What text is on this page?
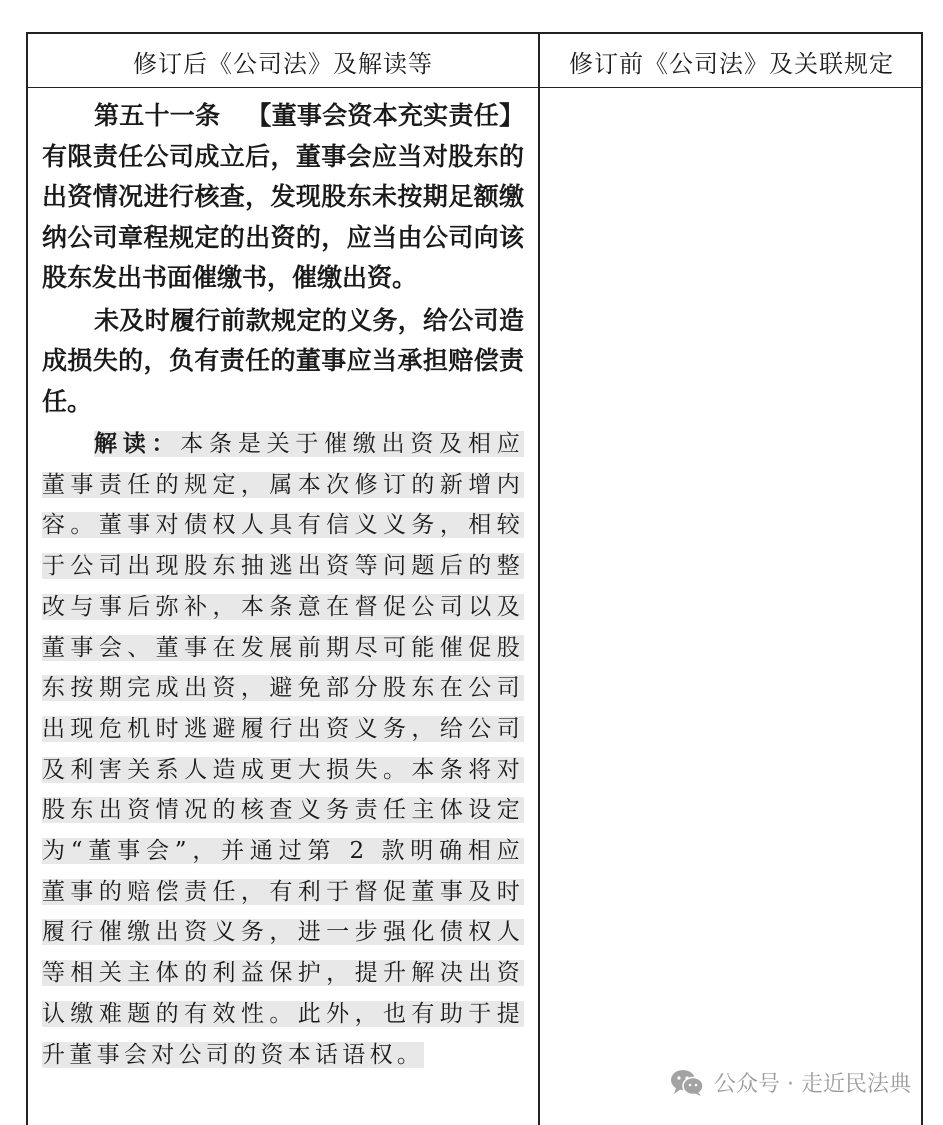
修订后《公司法》及解读等	修订前《公司法》及关联规定

第五十一条 【董事会资本充实责任】有限责任公司成立后，董事会应当对股东的出资情况进行核查，发现股东未按期足额缴纳公司章程规定的出资的，应当由公司向该股东发出书面催缴书，催缴出资。

未及时履行前款规定的义务，给公司造成损失的，负有责任的董事应当承担赔偿责任。

解读：本条是关于催缴出资及相应董事责任的规定，属本次修订的新增内容。董事对债权人具有信义义务，相较于公司出现股东抽逃出资等问题后的整改与事后弥补，本条意在督促公司以及董事会、董事在发展前期尽可能催促股东按期完成出资，避免部分股东在公司出现危机时逃避履行出资义务，给公司及利害关系人造成更大损失。本条将对股东出资情况的核查义务责任主体设定为“董事会”，并通过第 2 款明确相应董事的赔偿责任，有利于督促董事及时履行催缴出资义务，进一步强化债权人等相关主体的利益保护，提升解决出资认缴难题的有效性。此外，也有助于提升董事会对公司的资本话语权。

公众号 · 走近民法典
